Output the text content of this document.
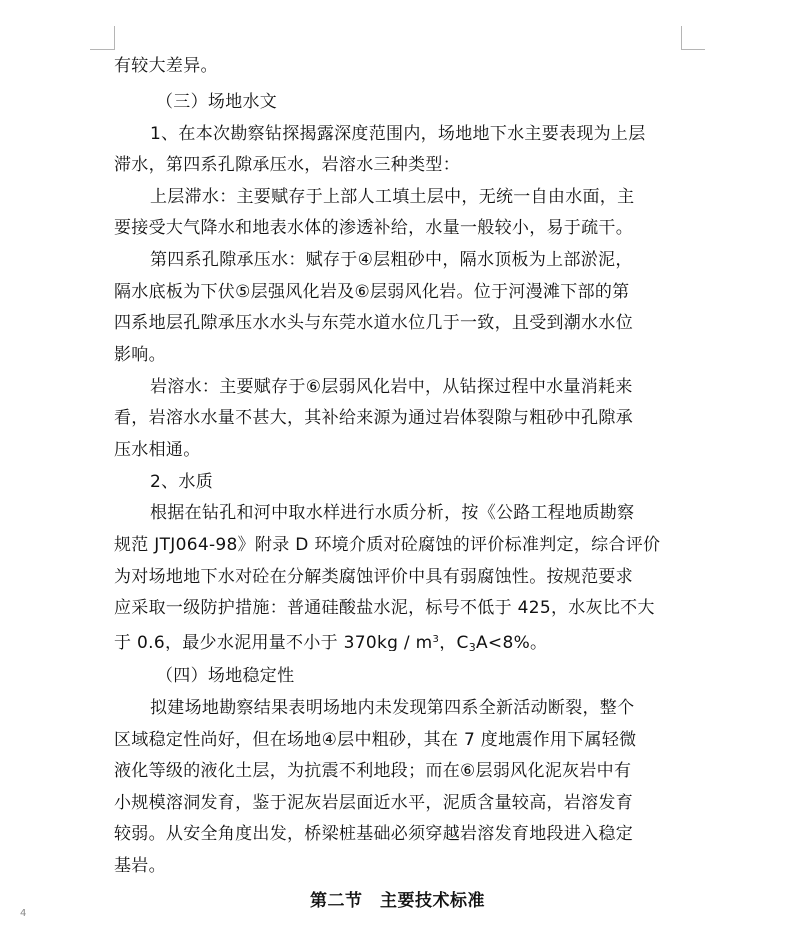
有较大差异。
（三）场地水文
1、在本次勘察钻探揭露深度范围内，场地地下水主要表现为上层
滞水，第四系孔隙承压水，岩溶水三种类型：
上层滞水：主要赋存于上部人工填土层中，无统一自由水面，主
要接受大气降水和地表水体的渗透补给，水量一般较小，易于疏干。
第四系孔隙承压水：赋存于④层粗砂中，隔水顶板为上部淤泥，
隔水底板为下伏⑤层强风化岩及⑥层弱风化岩。位于河漫滩下部的第
四系地层孔隙承压水水头与东莞水道水位几于一致，且受到潮水水位
影响。
岩溶水：主要赋存于⑥层弱风化岩中，从钻探过程中水量消耗来
看，岩溶水水量不甚大，其补给来源为通过岩体裂隙与粗砂中孔隙承
压水相通。
2、水质
根据在钻孔和河中取水样进行水质分析，按《公路工程地质勘察
规范 JTJ064-98》附录 D 环境介质对砼腐蚀的评价标准判定，综合评价
为对场地地下水对砼在分解类腐蚀评价中具有弱腐蚀性。按规范要求
应采取一级防护措施：普通硅酸盐水泥，标号不低于 425，水灰比不大
于 0.6，最少水泥用量不小于 $370kg / m^3$，$C_3A<8\%$。
（四）场地稳定性
拟建场地勘察结果表明场地内未发现第四系全新活动断裂，整个
区域稳定性尚好，但在场地④层中粗砂，其在 7 度地震作用下属轻微
液化等级的液化土层，为抗震不利地段；而在⑥层弱风化泥灰岩中有
小规模溶洞发育，鉴于泥灰岩层面近水平，泥质含量较高，岩溶发育
较弱。从安全角度出发，桥梁桩基础必须穿越岩溶发育地段进入稳定
基岩。
第二节　主要技术标准
4
